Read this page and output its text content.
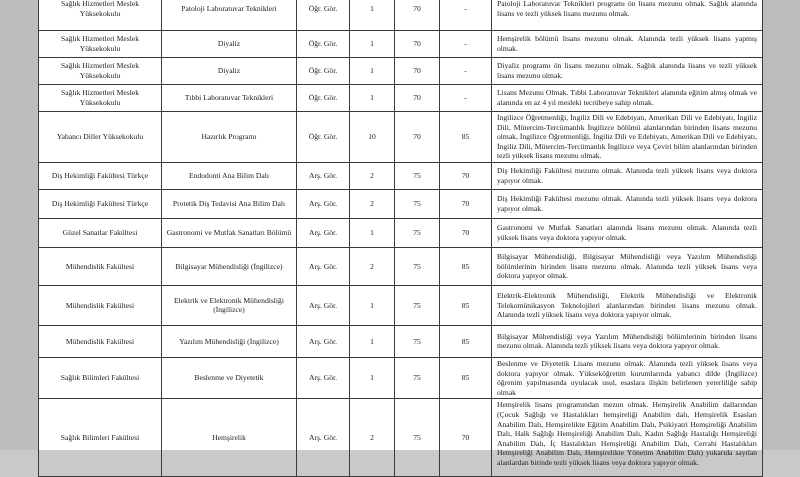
Sağlık Hizmetleri Meslek Yüksekokulu	Patoloji Laboratuvar Teknikleri	Öğr. Gör.	1	70	-	Patoloji Laboratuvar Teknikleri programı ön lisans mezunu olmak. Sağlık alanında lisans ve tezli yüksek lisans mezunu olmak.
Sağlık Hizmetleri Meslek Yüksekokulu	Diyaliz	Öğr. Gör.	1	70	-	Hemşirelik bölümü lisans mezunu olmak. Alanında tezli yüksek lisans yapmış olmak.
Sağlık Hizmetleri Meslek Yüksekokulu	Diyaliz	Öğr. Gör.	1	70	-	Diyaliz programı ön lisans mezunu olmak. Sağlık alanında lisans ve tezli yüksek lisans mezunu olmak.
Sağlık Hizmetleri Meslek Yüksekokulu	Tıbbi Laboratuvar Teknikleri	Öğr. Gör.	1	70	-	Lisans Mezunu Olmak. Tıbbi Laboratuvar Teknikleri alanında eğitim almış olmak ve alanında en az 4 yıl mesleki tecrübeye sahip olmak.
Yabancı Diller Yüksekokulu	Hazırlık Programı	Öğr. Gör.	10	70	85	İngilizce Öğretmenliği, İngiliz Dili ve Edebiyatı, Amerikan Dili ve Edebiyatı, İngiliz Dili, Mütercim-Tercümanlık İngilizce bölümü alanlarından birinden lisans mezunu olmak, İngilizce Öğretmenliği, İngiliz Dili ve Edebiyatı, Amerikan Dili ve Edebiyatı, İngiliz Dili, Mütercim-Tercümanlık İngilizce veya Çeviri bilim alanlarından birinden tezli yüksek lisans mezunu olmak.
Diş Hekimliği Fakültesi Türkçe	Endodonti Ana Bilim Dalı	Arş. Gör.	2	75	70	Diş Hekimliği Fakültesi mezunu olmak. Alanında tezli yüksek lisans veya doktora yapıyor olmak.
Diş Hekimliği Fakültesi Türkçe	Protetik Diş Tedavisi Ana Bilim Dalı	Arş. Gör.	2	75	70	Diş Hekimliği Fakültesi mezunu olmak. Alanında tezli yüksek lisans veya doktora yapıyor olmak.
Güzel Sanatlar Fakültesi	Gastronomi ve Mutfak Sanatları Bölümü	Arş. Gör.	1	75	70	Gastronomi ve Mutfak Sanatları alanında lisans mezunu olmak. Alanında tezli yüksek lisans veya doktora yapıyor olmak.
Mühendislik Fakültesi	Bilgisayar Mühendisliği (İngilizce)	Arş. Gör.	2	75	85	Bilgisayar Mühendisliği, Bilgisayar Mühendisliği veya Yazılım Mühendisliği bölümlerinin birinden lisans mezunu olmak. Alanında tezli yüksek lisans veya doktora yapıyor olmak.
Mühendislik Fakültesi	Elektrik ve Elektronik Mühendisliği (İngilizce)	Arş. Gör.	1	75	85	Elektrik-Elektronik Mühendisliği, Elektrik Mühendisliği ve Elektronik Telekomünikasyon Teknolojileri alanlarından birinden lisans mezunu olmak. Alanında tezli yüksek lisans veya doktora yapıyor olmak.
Mühendislik Fakültesi	Yazılım Mühendisliği (İngilizce)	Arş. Gör.	1	75	85	Bilgisayar Mühendisliği veya Yazılım Mühendisliği bölümlerinin birinden lisans mezunu olmak. Alanında tezli yüksek lisans veya doktora yapıyor olmak.
Sağlık Bilimleri Fakültesi	Beslenme ve Diyetetik	Arş. Gör.	1	75	85	Beslenme ve Diyetetik Lisans mezunu olmak. Alanında tezli yüksek lisans veya doktora yapıyor olmak. Yükseköğretim kurumlarında yabancı dilde (İngilizce) öğrenim yapılmasında uyulacak usul, esaslara ilişkin belirlenen yeterliliğe sahip olmak
Sağlık Bilimleri Fakültesi	Hemşirelik	Arş. Gör.	2	75	70	Hemşirelik lisans programından mezun olmak. Hemşirelik Anabilim dallarından (Çocuk Sağlığı ve Hastalıkları hemşireliği Anabilim dalı, Hemşirelik Esasları Anabilim Dalı, Hemşirelikte Eğitim Anabilim Dalı, Psikiyatri Hemşireliği Anabilim Dalı, Halk Sağlığı Hemşireliği Anabilim Dalı, Kadın Sağlığı Hastalığı Hemşireliği Anabilim Dalı, İç Hastalıkları Hemşireliği Anabilim Dalı, Cerrahi Hastalıkları Hemşireliği Anabilim Dalı, Hemşirelikte Yönetim Anabilim Dalı) yukarıda sayılan alanlardan birinde tezli yüksek lisans veya doktora yapıyor olmak.
